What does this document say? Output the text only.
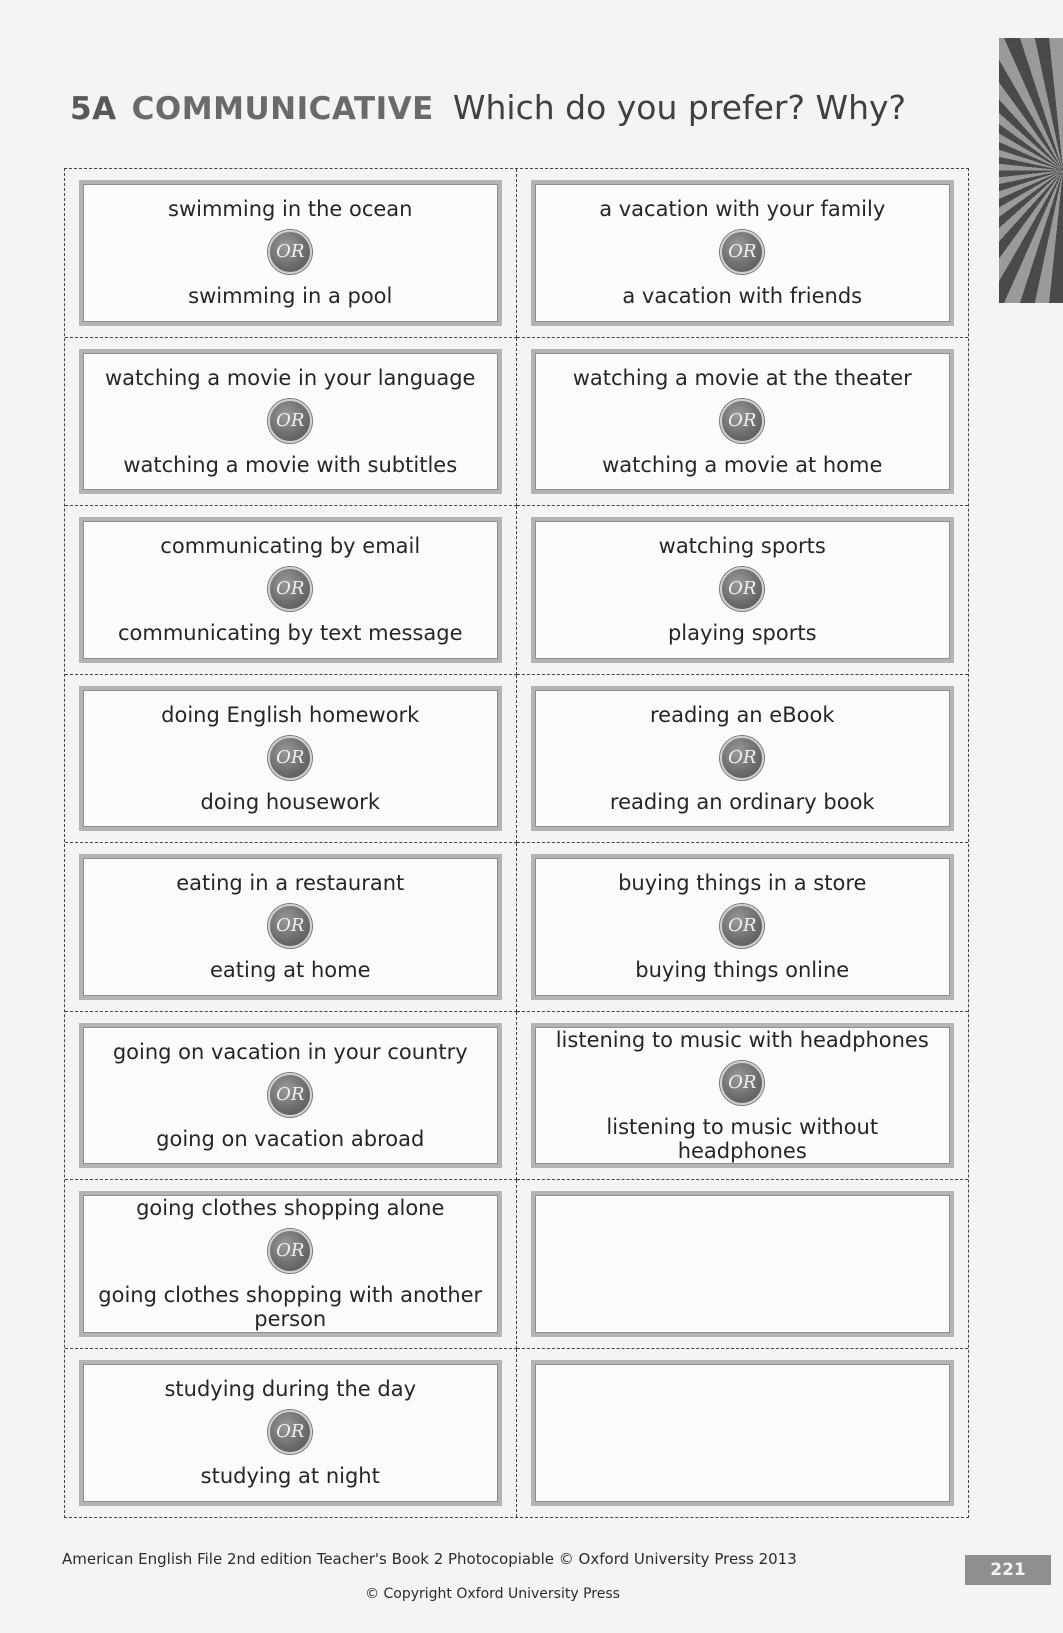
5A COMMUNICATIVE Which do you prefer? Why?
swimming in the ocean
OR
swimming in a pool
a vacation with your family
OR
a vacation with friends
watching a movie in your language
OR
watching a movie with subtitles
watching a movie at the theater
OR
watching a movie at home
communicating by email
OR
communicating by text message
watching sports
OR
playing sports
doing English homework
OR
doing housework
reading an eBook
OR
reading an ordinary book
eating in a restaurant
OR
eating at home
buying things in a store
OR
buying things online
going on vacation in your country
OR
going on vacation abroad
listening to music with headphones
OR
listening to music without headphones
going clothes shopping alone
OR
going clothes shopping with another person
studying during the day
OR
studying at night
American English File 2nd edition Teacher's Book 2 Photocopiable © Oxford University Press 2013
© Copyright Oxford University Press
221
